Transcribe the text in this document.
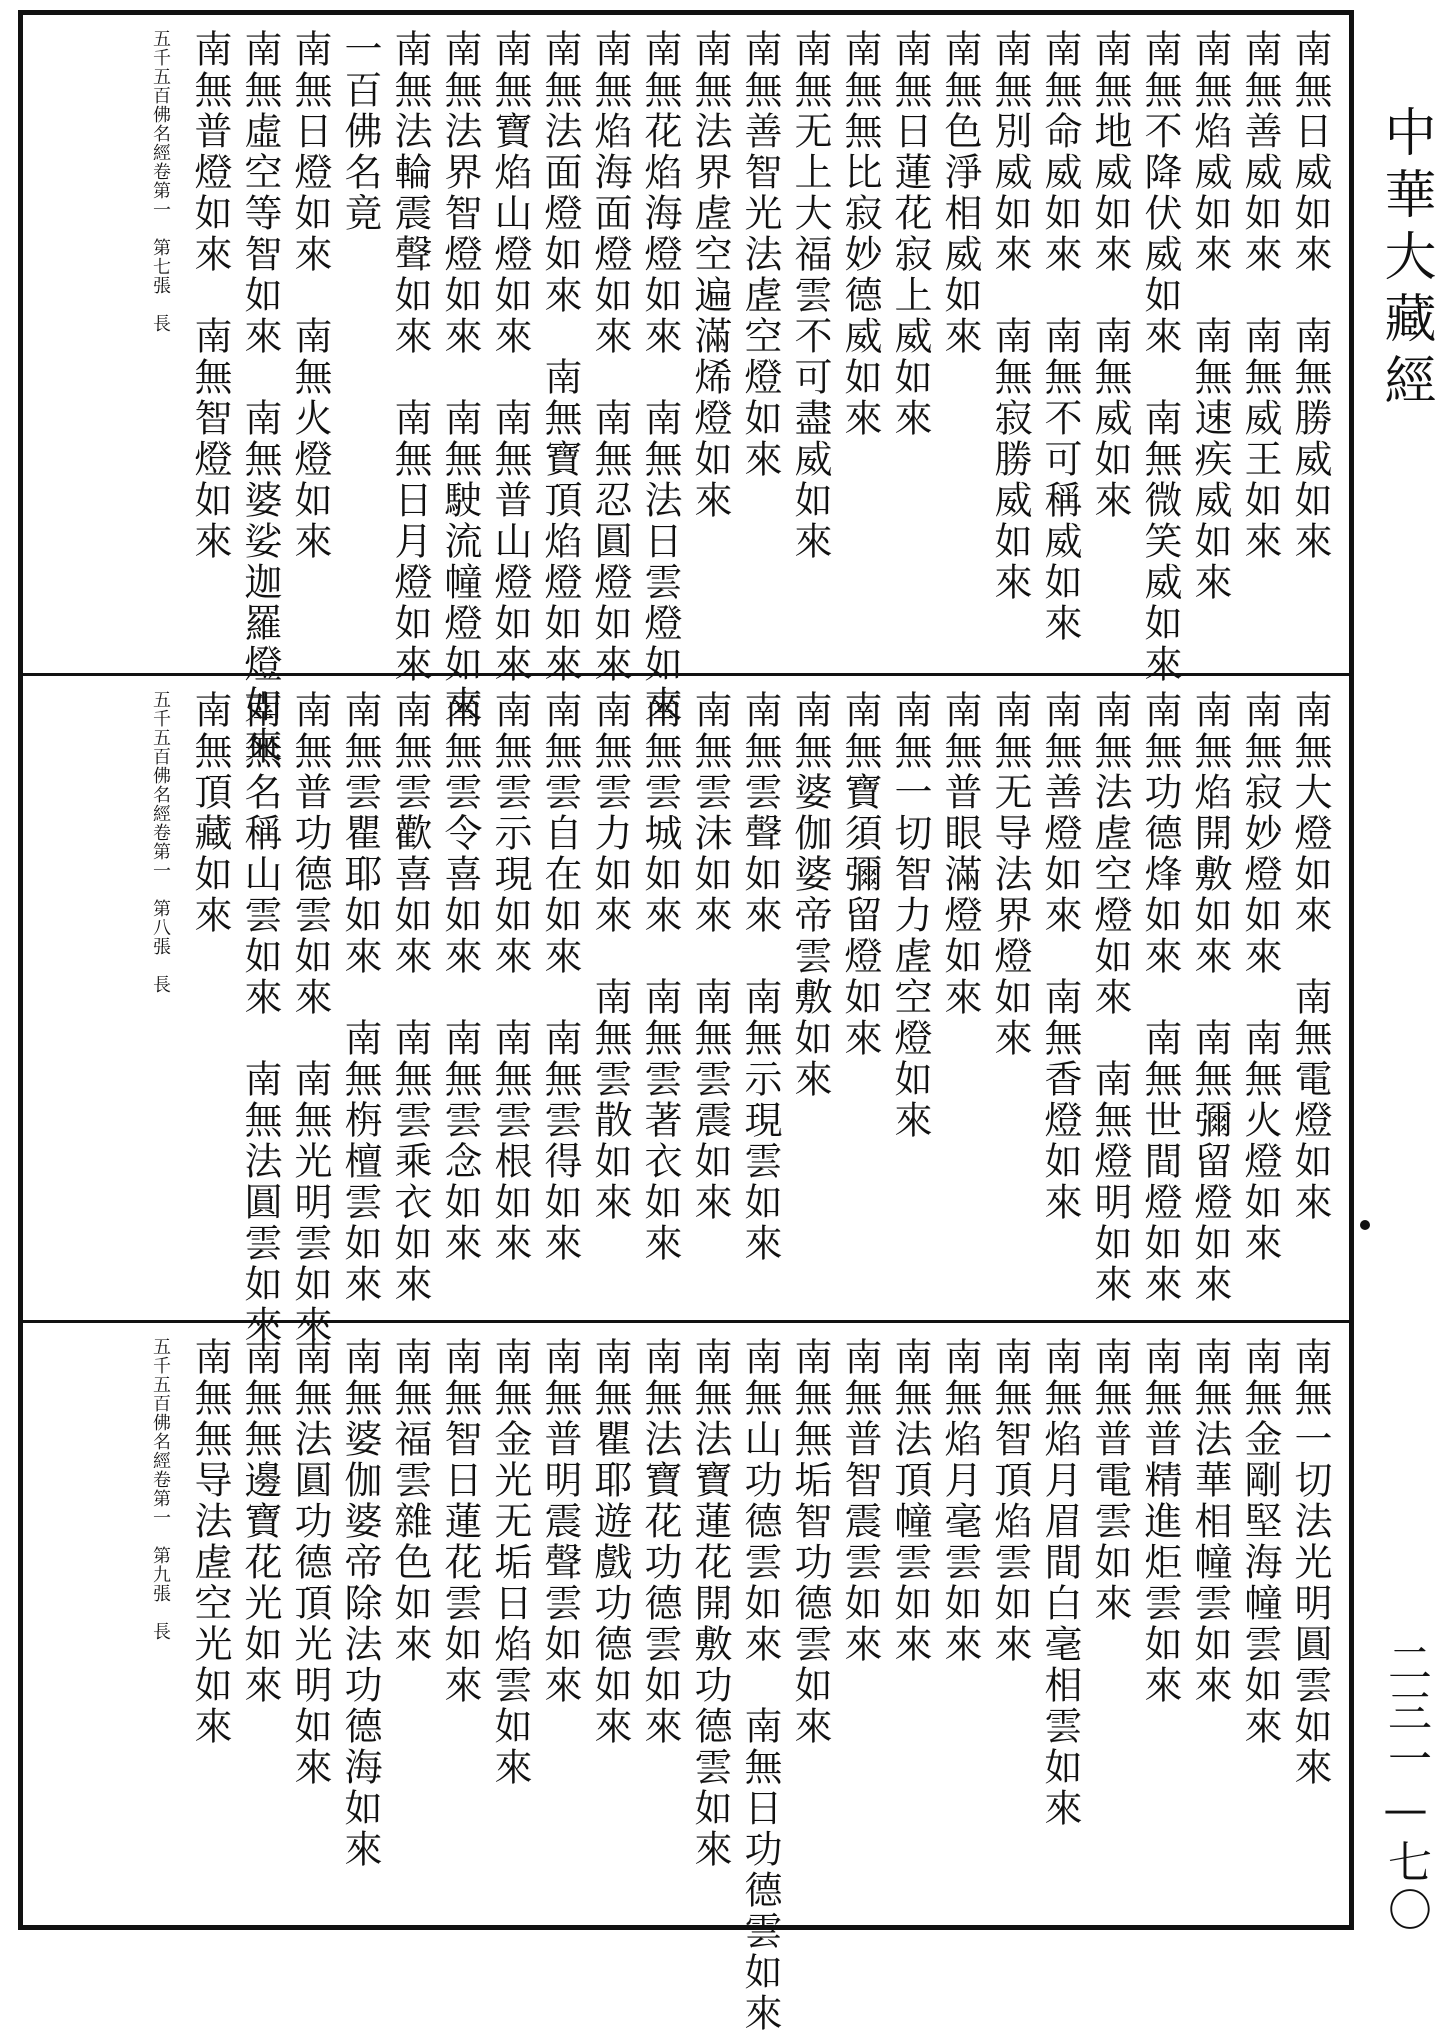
南無日威如來　南無勝威如來
南無善威如來　南無威王如來
南無焰威如來　南無速疾威如來
南無不降伏威如來　南無微笑威如來
南無地威如來　南無威如來
南無命威如來　南無不可稱威如來
南無別威如來　南無寂勝威如來
南無色淨相威如來
南無日蓮花寂上威如來
南無無比寂妙德威如來
南無无上大福雲不可盡威如來
南無善智光法虗空燈如來
南無法界虗空遍滿烯燈如來
南無花焰海燈如來　南無法日雲燈如來
南無焰海面燈如來　南無忍圓燈如來
南無法面燈如來　南無寶頂焰燈如來
南無寶焰山燈如來　南無普山燈如來
南無法界智燈如來　南無駛流幢燈如來
南無法輪震聲如來　南無日月燈如來
一百佛名竟
南無日燈如來　南無火燈如來
南無虛空等智如來　南無婆娑迦羅燈如來
南無普燈如來　南無智燈如來
五千五百佛名經卷第一　第七張　長
南無大燈如來　南無電燈如來
南無寂妙燈如來　南無火燈如來
南無焰開敷如來　南無彌留燈如來
南無功德烽如來　南無世間燈如來
南無法虗空燈如來　南無燈明如來
南無善燈如來　南無香燈如來
南無无导法界燈如來
南無普眼滿燈如來
南無一切智力虗空燈如來
南無寶須彌留燈如來
南無婆伽婆帝雲敷如來
南無雲聲如來　南無示現雲如來
南無雲沫如來　南無雲震如來
南無雲城如來　南無雲著衣如來
南無雲力如來　南無雲散如來
南無雲自在如來　南無雲得如來
南無雲示現如來　南無雲根如來
南無雲令喜如來　南無雲念如來
南無雲歡喜如來　南無雲乘衣如來
南無雲瞿耶如來　南無栴檀雲如來
南無普功德雲如來　南無光明雲如來
南無名稱山雲如來　南無法圓雲如來
南無頂藏如來
五千五百佛名經卷第一　第八張　長
南無一切法光明圓雲如來
南無金剛堅海幢雲如來
南無法華相幢雲如來
南無普精進炬雲如來
南無普電雲如來
南無焰月眉間白毫相雲如來
南無智頂焰雲如來
南無焰月毫雲如來
南無法頂幢雲如來
南無普智震雲如來
南無無垢智功德雲如來
南無山功德雲如來　南無日功德雲如來
南無法寶蓮花開敷功德雲如來
南無法寶花功德雲如來
南無瞿耶遊戲功德如來
南無普明震聲雲如來
南無金光无垢日焰雲如來
南無智日蓮花雲如來
南無福雲雜色如來
南無婆伽婆帝除法功德海如來
南無法圓功德頂光明如來
南無無邊寶花光如來
南無無导法虗空光如來
五千五百佛名經卷第一　第九張　長
中華大藏經
二三一—七〇
